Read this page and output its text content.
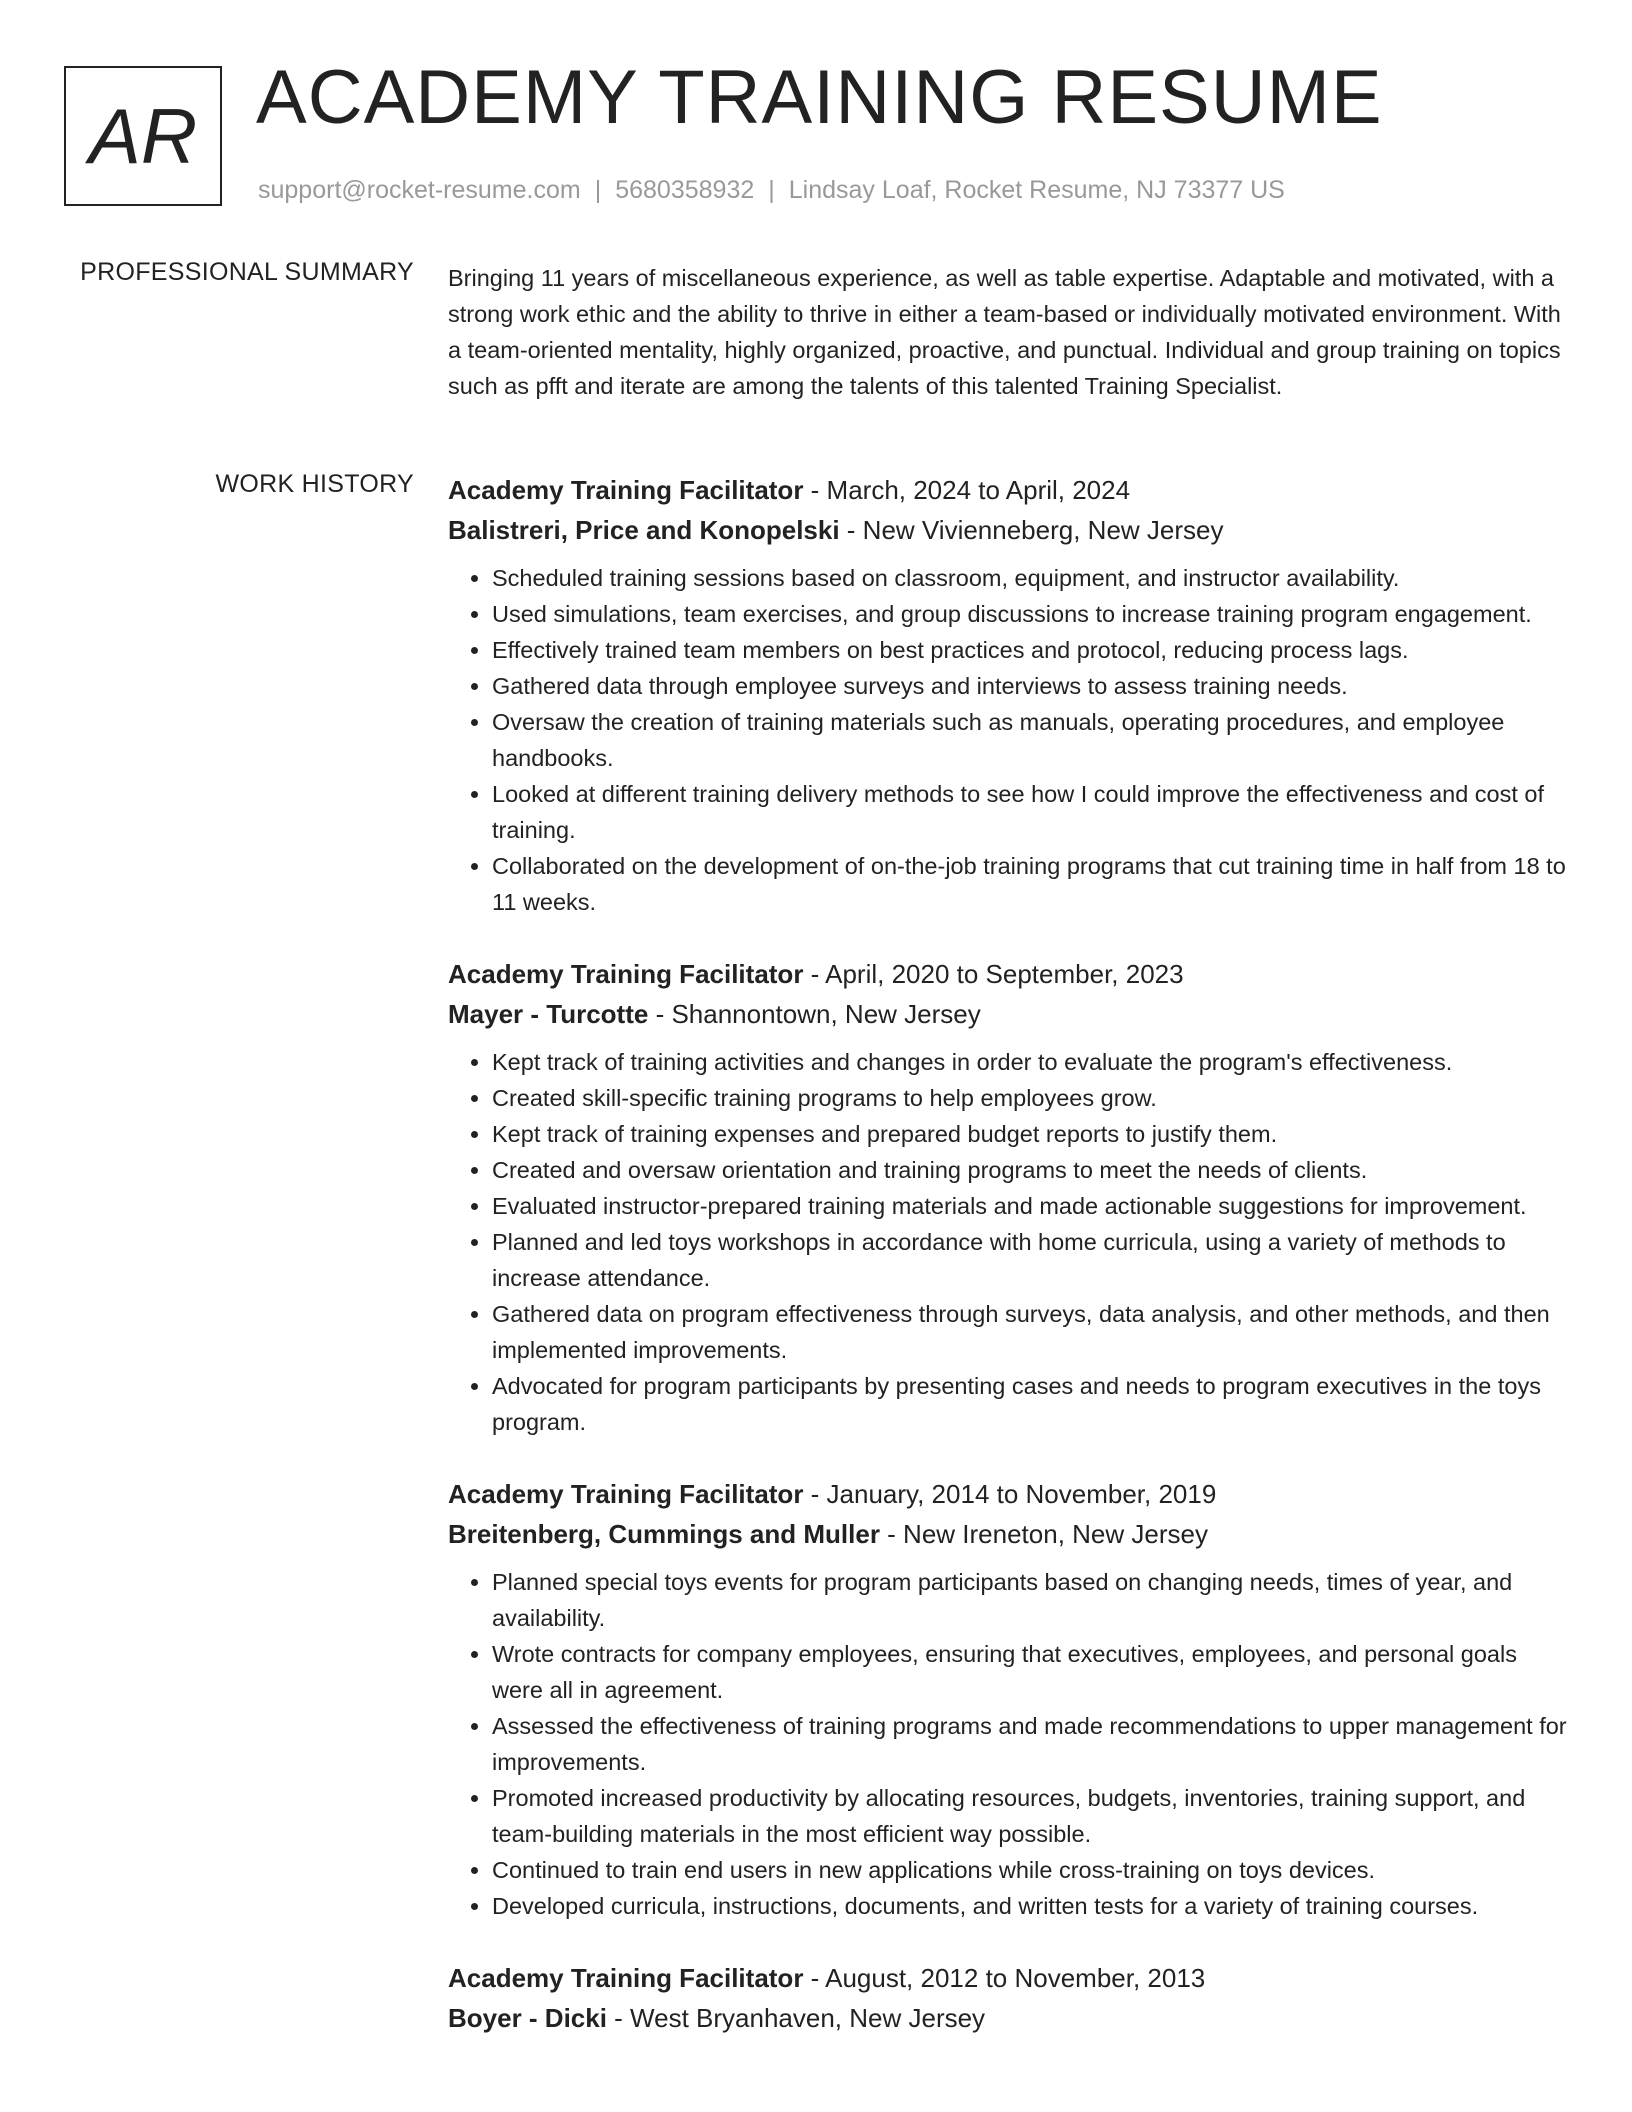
AR ACADEMY TRAINING RESUME
support@rocket-resume.com | 5680358932 | Lindsay Loaf, Rocket Resume, NJ 73377 US
PROFESSIONAL SUMMARY Bringing 11 years of miscellaneous experience, as well as table expertise. Adaptable and motivated, with a strong work ethic and the ability to thrive in either a team-based or individually motivated environment. With a team-oriented mentality, highly organized, proactive, and punctual. Individual and group training on topics such as pfft and iterate are among the talents of this talented Training Specialist.

WORK HISTORY Academy Training Facilitator - March, 2024 to April, 2024
Balistreri, Price and Konopelski - New Vivienneberg, New Jersey
• Scheduled training sessions based on classroom, equipment, and instructor availability.
• Used simulations, team exercises, and group discussions to increase training program engagement.
• Effectively trained team members on best practices and protocol, reducing process lags.
• Gathered data through employee surveys and interviews to assess training needs.
• Oversaw the creation of training materials such as manuals, operating procedures, and employee handbooks.
• Looked at different training delivery methods to see how I could improve the effectiveness and cost of training.
• Collaborated on the development of on-the-job training programs that cut training time in half from 18 to 11 weeks.
Academy Training Facilitator - April, 2020 to September, 2023
Mayer - Turcotte - Shannontown, New Jersey
• Kept track of training activities and changes in order to evaluate the program's effectiveness.
• Created skill-specific training programs to help employees grow.
• Kept track of training expenses and prepared budget reports to justify them.
• Created and oversaw orientation and training programs to meet the needs of clients.
• Evaluated instructor-prepared training materials and made actionable suggestions for improvement.
• Planned and led toys workshops in accordance with home curricula, using a variety of methods to increase attendance.
• Gathered data on program effectiveness through surveys, data analysis, and other methods, and then implemented improvements.
• Advocated for program participants by presenting cases and needs to program executives in the toys program.
Academy Training Facilitator - January, 2014 to November, 2019
Breitenberg, Cummings and Muller - New Ireneton, New Jersey
• Planned special toys events for program participants based on changing needs, times of year, and availability.
• Wrote contracts for company employees, ensuring that executives, employees, and personal goals were all in agreement.
• Assessed the effectiveness of training programs and made recommendations to upper management for improvements.
• Promoted increased productivity by allocating resources, budgets, inventories, training support, and team-building materials in the most efficient way possible.
• Continued to train end users in new applications while cross-training on toys devices.
• Developed curricula, instructions, documents, and written tests for a variety of training courses.
Academy Training Facilitator - August, 2012 to November, 2013
Boyer - Dicki - West Bryanhaven, New Jersey
